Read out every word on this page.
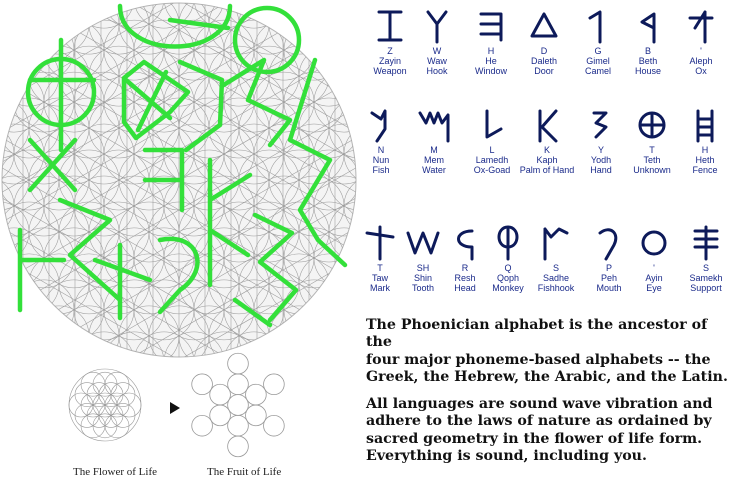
The Flower of Life	The Fruit of Life
Z
Zayin
Weapon
W
Waw
Hook
H
He
Window
D
Daleth
Door
G
Gimel
Camel
B
Beth
House
'
Aleph
Ox
N
Nun
Fish
M
Mem
Water
L
Lamedh
Ox-Goad
K
Kaph
Palm of Hand
Y
Yodh
Hand
T
Teth
Unknown
H
Heth
Fence
T
Taw
Mark
SH
Shin
Tooth
R
Resh
Head
Q
Qoph
Monkey
S
Sadhe
Fishhook
P
Peh
Mouth
'
Ayin
Eye
S
Samekh
Support
The Phoenician alphabet is the ancestor of the
four major phoneme-based alphabets -- the
Greek, the Hebrew, the Arabic, and the Latin.
All languages are sound wave vibration and
adhere to the laws of nature as ordained by
sacred geometry in the flower of life form.
Everything is sound, including you.
